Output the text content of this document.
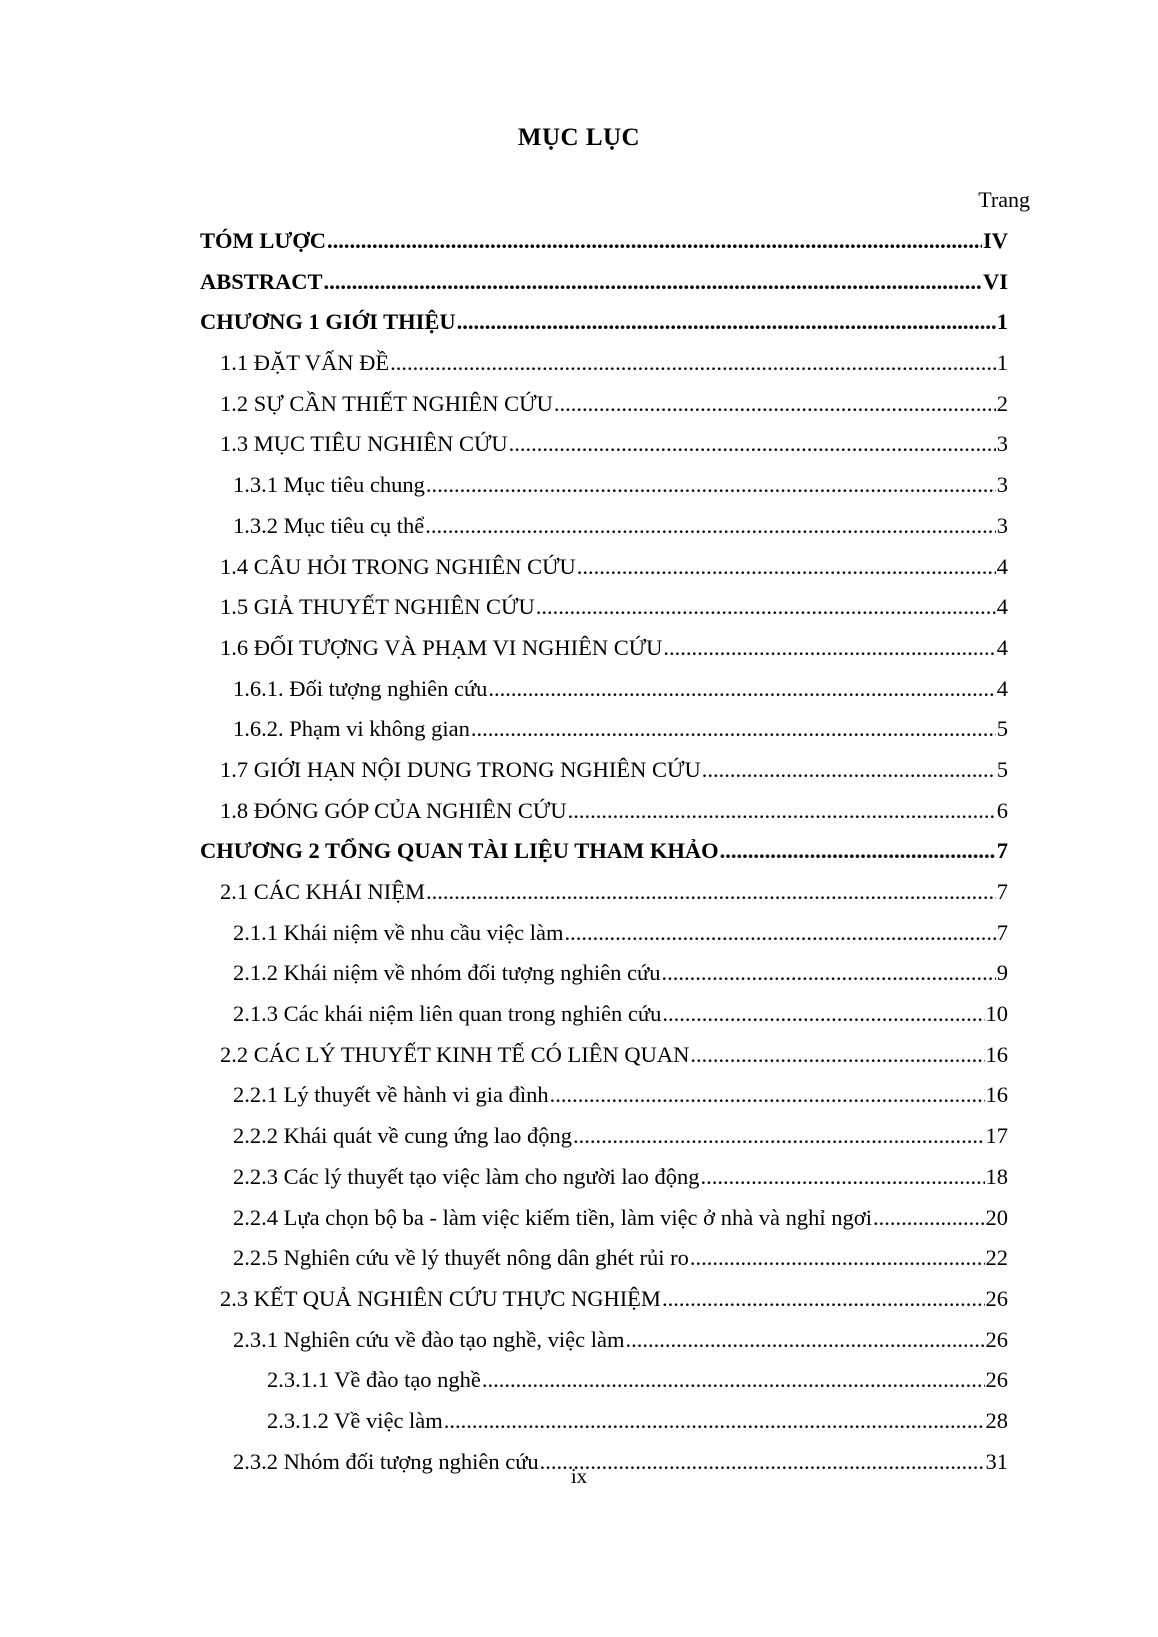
MỤC LỤC
Trang
TÓM LƯỢC .....	IV
ABSTRACT .....	VI
CHƯƠNG 1 GIỚI THIỆU .....	1
1.1 ĐẶT VẤN ĐỀ .....	1
1.2 SỰ CẦN THIẾT NGHIÊN CỨU .....	2
1.3 MỤC TIÊU NGHIÊN CỨU .....	3
1.3.1 Mục tiêu chung .....	3
1.3.2 Mục tiêu cụ thể .....	3
1.4 CÂU HỎI TRONG NGHIÊN CỨU .....	4
1.5 GIẢ THUYẾT NGHIÊN CỨU .....	4
1.6 ĐỐI TƯỢNG VÀ PHẠM VI NGHIÊN CỨU .....	4
1.6.1. Đối tượng nghiên cứu .....	4
1.6.2. Phạm vi không gian .....	5
1.7 GIỚI HẠN NỘI DUNG TRONG NGHIÊN CỨU .....	5
1.8 ĐÓNG GÓP CỦA NGHIÊN CỨU .....	6
CHƯƠNG 2 TỔNG QUAN TÀI LIỆU THAM KHẢO .....	7
2.1 CÁC KHÁI NIỆM .....	7
2.1.1 Khái niệm về nhu cầu việc làm .....	7
2.1.2 Khái niệm về nhóm đối tượng nghiên cứu .....	9
2.1.3 Các khái niệm liên quan trong nghiên cứu .....	10
2.2 CÁC LÝ THUYẾT KINH TẾ CÓ LIÊN QUAN .....	16
2.2.1 Lý thuyết về hành vi gia đình .....	16
2.2.2 Khái quát về cung ứng lao động .....	17
2.2.3 Các lý thuyết tạo việc làm cho người lao động .....	18
2.2.4 Lựa chọn bộ ba - làm việc kiếm tiền, làm việc ở nhà và nghỉ ngơi .....	20
2.2.5 Nghiên cứu về lý thuyết nông dân ghét rủi ro .....	22
2.3 KẾT QUẢ NGHIÊN CỨU THỰC NGHIỆM .....	26
2.3.1 Nghiên cứu về đào tạo nghề, việc làm .....	26
2.3.1.1 Về đào tạo nghề .....	26
2.3.1.2 Về việc làm .....	28
2.3.2 Nhóm đối tượng nghiên cứu .....	31
ix
